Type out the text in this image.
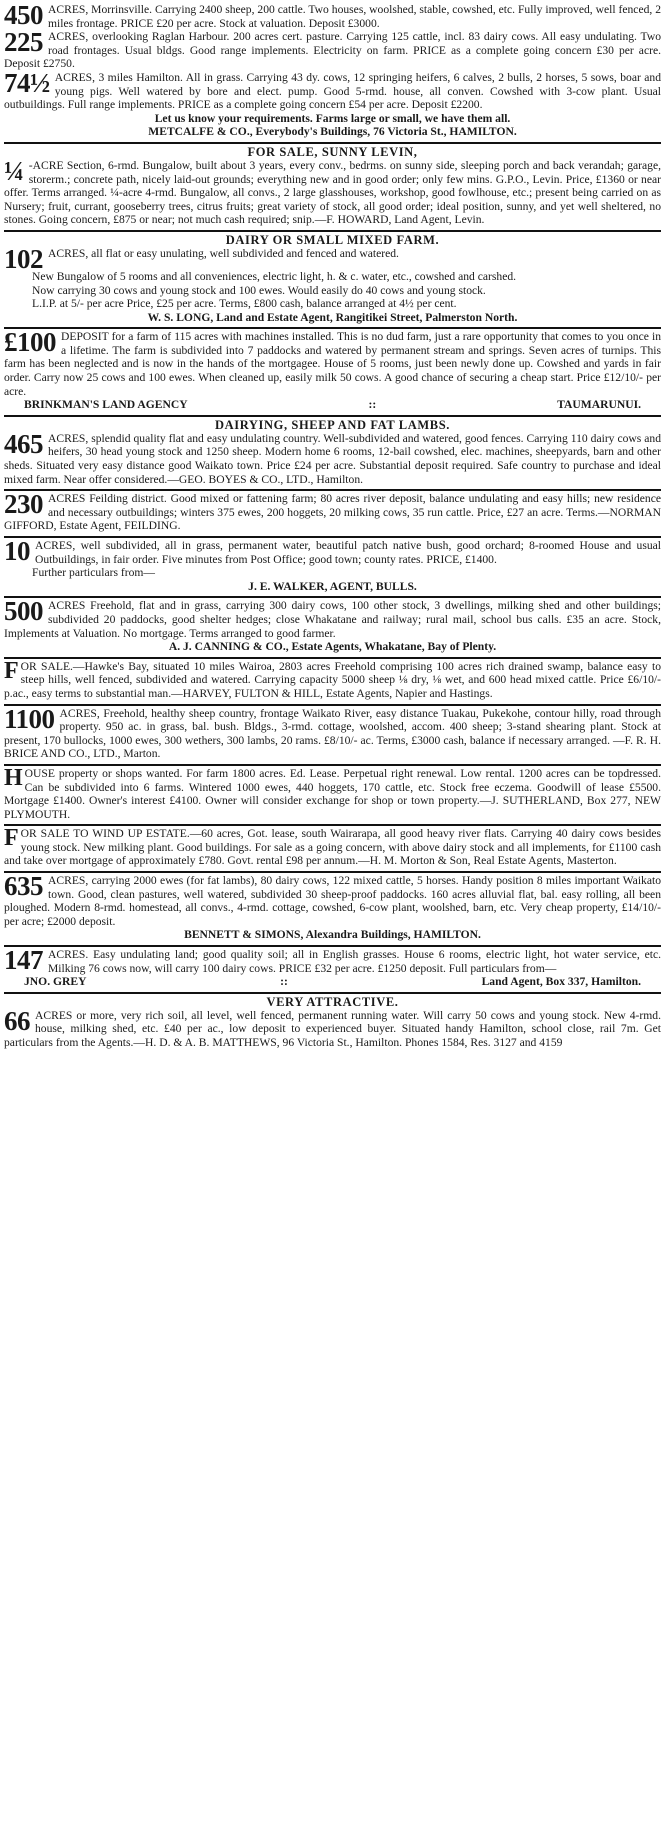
450 ACRES, Morrinsville. Carrying 2400 sheep, 200 cattle. Two houses, woolshed, stable, cowshed, etc. Fully improved, well fenced, 2 miles frontage. PRICE £20 per acre. Stock at valuation. Deposit £3000.

225 ACRES, overlooking Raglan Harbour. 200 acres cert. pasture. Carrying 125 cattle, incl. 83 dairy cows. All easy undulating. Two road frontages. Usual bldgs. Good range implements. Electricity on farm. PRICE as a complete going concern £30 per acre. Deposit £2750.

74½ ACRES, 3 miles Hamilton. All in grass. Carrying 43 dy. cows, 12 springing heifers, 6 calves, 2 bulls, 2 horses, 5 sows, boar and young pigs. Well watered by bore and elect. pump. Good 5-rmd. house, all conven. Cowshed with 3-cow plant. Usual outbuildings. Full range implements. PRICE as a complete going concern £54 per acre. Deposit £2200.

Let us know your requirements. Farms large or small, we have them all.

METCALFE & CO., Everybody's Buildings, 76 Victoria St., HAMILTON.

FOR SALE, SUNNY LEVIN,

¼ -ACRE Section, 6-rmd. Bungalow, built about 3 years, every conv., bedrms. on sunny side, sleeping porch and back verandah; garage, storerm.; concrete path, nicely laid-out grounds; everything new and in good order; only few mins. G.P.O., Levin. Price, £1360 or near offer. Terms arranged. ¼-acre 4-rmd. Bungalow, all convs., 2 large glasshouses, workshop, good fowlhouse, etc.; present being carried on as Nursery; fruit, currant, gooseberry trees, citrus fruits; great variety of stock, all good order; ideal position, sunny, and yet well sheltered, no stones. Going concern, £875 or near; not much cash required; snip.—F. HOWARD, Land Agent, Levin.

DAIRY OR SMALL MIXED FARM.

102 ACRES, all flat or easy unulating, well subdivided and fenced and watered.

New Bungalow of 5 rooms and all conveniences, electric light, h. & c. water, etc., cowshed and carshed.

Now carrying 30 cows and young stock and 100 ewes. Would easily do 40 cows and young stock.

L.I.P. at 5/- per acre Price, £25 per acre. Terms, £800 cash, balance arranged at 4½ per cent.

W. S. LONG, Land and Estate Agent, Rangitikei Street, Palmerston North.

£100 DEPOSIT for a farm of 115 acres with machines installed. This is no dud farm, just a rare opportunity that comes to you once in a lifetime. The farm is subdivided into 7 paddocks and watered by permanent stream and springs. Seven acres of turnips. This farm has been neglected and is now in the hands of the mortgagee. House of 5 rooms, just been newly done up. Cowshed and yards in fair order. Carry now 25 cows and 100 ewes. When cleaned up, easily milk 50 cows. A good chance of securing a cheap start. Price £12/10/- per acre.

BRINKMAN'S LAND AGENCY	::	TAUMARUNUI.
DAIRYING, SHEEP AND FAT LAMBS.

465 ACRES, splendid quality flat and easy undulating country. Well-subdivided and watered, good fences. Carrying 110 dairy cows and heifers, 30 head young stock and 1250 sheep. Modern home 6 rooms, 12-bail cowshed, elec. machines, sheepyards, barn and other sheds. Situated very easy distance good Waikato town. Price £24 per acre. Substantial deposit required. Safe country to purchase and ideal mixed farm. Near offer considered.—GEO. BOYES & CO., LTD., Hamilton.

230 ACRES Feilding district. Good mixed or fattening farm; 80 acres river deposit, balance undulating and easy hills; new residence and necessary outbuildings; winters 375 ewes, 200 hoggets, 20 milking cows, 35 run cattle. Price, £27 an acre. Terms.—NORMAN GIFFORD, Estate Agent, FEILDING.

10 ACRES, well subdivided, all in grass, permanent water, beautiful patch native bush, good orchard; 8-roomed House and usual Outbuildings, in fair order. Five minutes from Post Office; good town; county rates. PRICE, £1400.

Further particulars from—

J. E. WALKER, AGENT, BULLS.

500 ACRES Freehold, flat and in grass, carrying 300 dairy cows, 100 other stock, 3 dwellings, milking shed and other buildings; subdivided 20 paddocks, good shelter hedges; close Whakatane and railway; rural mail, school bus calls. £35 an acre. Stock, Implements at Valuation. No mortgage. Terms arranged to good farmer.

A. J. CANNING & CO., Estate Agents, Whakatane, Bay of Plenty.

FOR SALE.—Hawke's Bay, situated 10 miles Wairoa, 2803 acres Freehold comprising 100 acres rich drained swamp, balance easy to steep hills, well fenced, subdivided and watered. Carrying capacity 5000 sheep ⅛ dry, ⅛ wet, and 600 head mixed cattle. Price £6/10/- p.ac., easy terms to substantial man.—HARVEY, FULTON & HILL, Estate Agents, Napier and Hastings.

1100 ACRES, Freehold, healthy sheep country, frontage Waikato River, easy distance Tuakau, Pukekohe, contour hilly, road through property. 950 ac. in grass, bal. bush. Bldgs., 3-rmd. cottage, woolshed, accom. 400 sheep; 3-stand shearing plant. Stock at present, 170 bullocks, 1000 ewes, 300 wethers, 300 lambs, 20 rams. £8/10/- ac. Terms, £3000 cash, balance if necessary arranged. —F. R. H. BRICE AND CO., LTD., Marton.

HOUSE property or shops wanted. For farm 1800 acres. Ed. Lease. Perpetual right renewal. Low rental. 1200 acres can be topdressed. Can be subdivided into 6 farms. Wintered 1000 ewes, 440 hoggets, 170 cattle, etc. Stock free eczema. Goodwill of lease £5500. Mortgage £1400. Owner's interest £4100. Owner will consider exchange for shop or town property.—J. SUTHERLAND, Box 277, NEW PLYMOUTH.

FOR SALE TO WIND UP ESTATE.—60 acres, Got. lease, south Wairarapa, all good heavy river flats. Carrying 40 dairy cows besides young stock. New milking plant. Good buildings. For sale as a going concern, with above dairy stock and all implements, for £1100 cash and take over mortgage of approximately £780. Govt. rental £98 per annum.—H. M. Morton & Son, Real Estate Agents, Masterton.

635 ACRES, carrying 2000 ewes (for fat lambs), 80 dairy cows, 122 mixed cattle, 5 horses. Handy position 8 miles important Waikato town. Good, clean pastures, well watered, subdivided 30 sheep-proof paddocks. 160 acres alluvial flat, bal. easy rolling, all been ploughed. Modern 8-rmd. homestead, all convs., 4-rmd. cottage, cowshed, 6-cow plant, woolshed, barn, etc. Very cheap property, £14/10/- per acre; £2000 deposit.

BENNETT & SIMONS, Alexandra Buildings, HAMILTON.

147 ACRES. Easy undulating land; good quality soil; all in English grasses. House 6 rooms, electric light, hot water service, etc. Milking 76 cows now, will carry 100 dairy cows. PRICE £32 per acre. £1250 deposit. Full particulars from—

JNO. GREY	::	Land Agent, Box 337, Hamilton.
VERY ATTRACTIVE.

66 ACRES or more, very rich soil, all level, well fenced, permanent running water. Will carry 50 cows and young stock. New 4-rmd. house, milking shed, etc. £40 per ac., low deposit to experienced buyer. Situated handy Hamilton, school close, rail 7m. Get particulars from the Agents.—H. D. & A. B. MATTHEWS, 96 Victoria St., Hamilton. Phones 1584, Res. 3127 and 4159
